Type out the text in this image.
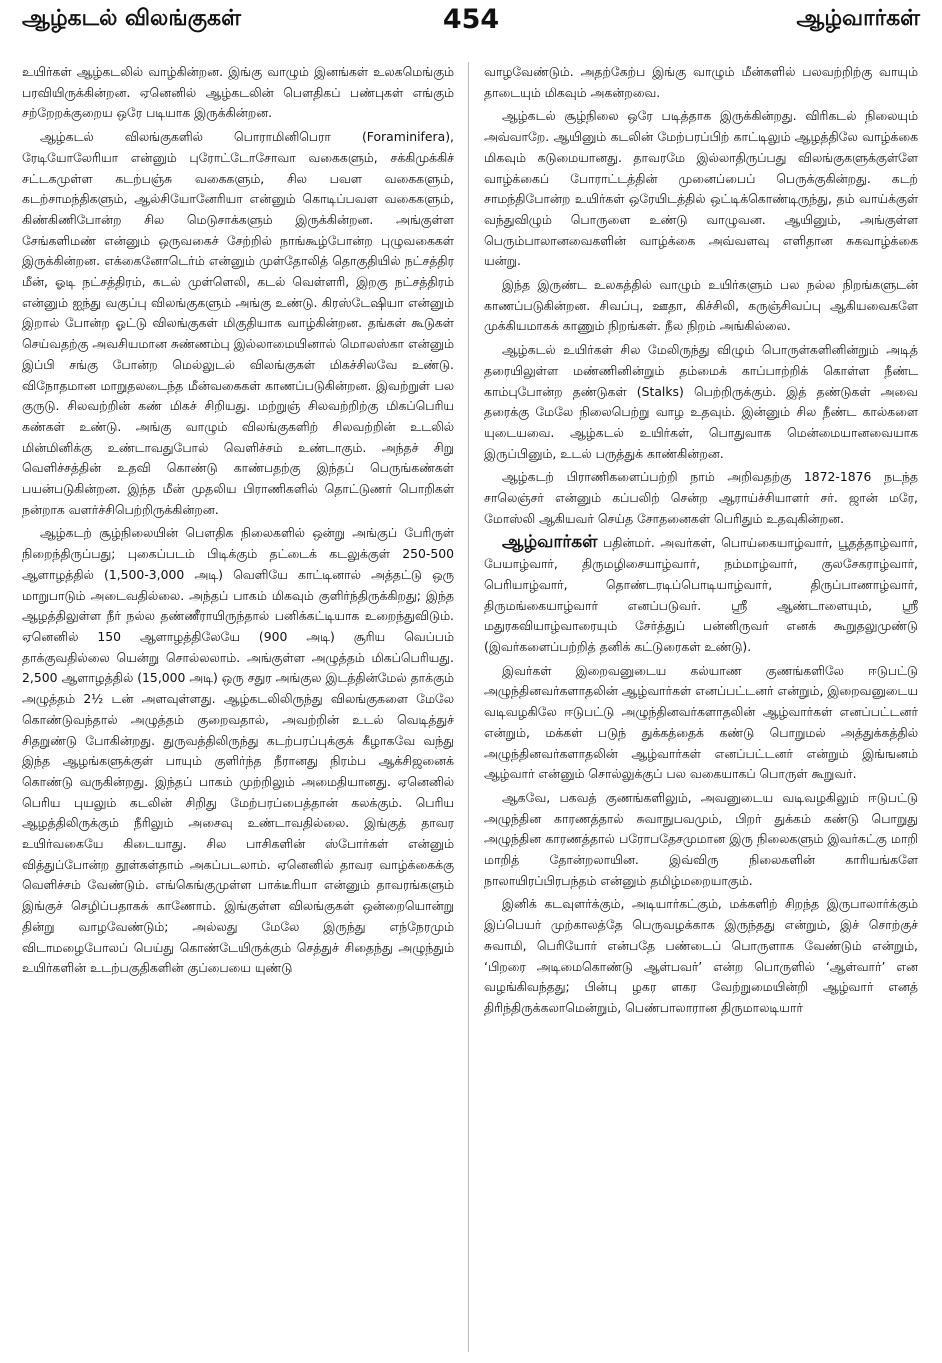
ஆழ்கடல் விலங்குகள்	454	ஆழ்வார்கள்

உயிர்கள் ஆழ்கடலில் வாழ்கின்றன. இங்கு வாழும் இனங்கள் உலகமெங்கும் பரவியிருக்கின்றன. ஏனெனில் ஆழ்கடலின் பௌதிகப் பண்புகள் எங்கும் சற்றேறக்குறைய ஒரே படியாக இருக்கின்றன.

ஆழ்கடல் விலங்குகளில் பொராமினிபெரா (Foraminifera), ரேடியோலேரியா என்னும் புரோட்டோசோவா வகைகளும், சக்கிமுக்கிச் சட்டகமுள்ள கடற்பஞ்சு வகைகளும், சில பவள வகைகளும், கடற்சாமந்திகளும், ஆல்சியோனேரியா என்னும் கொடிப்பவள வகைகளும், கிண்கிணிபோன்ற சில மெடுசாக்களும் இருக்கின்றன. அங்குள்ள சேங்களிமண் என்னும் ஒருவகைச் சேற்றில் நாங்கூழ்போன்ற புழுவகைகள் இருக்கின்றன. எக்கைனோடெர்ம் என்னும் முள்தோலித் தொகுதியில் நட்சத்திர மீன், ஓடி நட்சத்திரம், கடல் முள்ளெலி, கடல் வெள்ளரி, இறகு நட்சத்திரம் என்னும் ஐந்து வகுப்பு விலங்குகளும் அங்கு உண்டு. கிரஸ்டேஷியா என்னும் இறால் போன்ற ஓட்டு விலங்குகள் மிகுதியாக வாழ்கின்றன. தங்கள் கூடுகள் செய்வதற்கு அவசியமான சுண்ணம்பு இல்லாமையினால் மொலஸ்கா என்னும் இப்பி சங்கு போன்ற மெல்லுடல் விலங்குகள் மிகச்சிலவே உண்டு. விநோதமான மாறுதலடைந்த மீன்வகைகள் காணப்படுகின்றன. இவற்றுள் பல குருடு. சிலவற்றின் கண் மிகச் சிறியது. மற்றுஞ் சிலவற்றிற்கு மிகப்பெரிய கண்கள் உண்டு. அங்கு வாழும் விலங்குகளிற் சிலவற்றின் உடலில் மின்மினிக்கு உண்டாவதுபோல் வெளிச்சம் உண்டாகும். அந்தச் சிறு வெளிச்சத்தின் உதவி கொண்டு காண்பதற்கு இந்தப் பெருங்கண்கள் பயன்படுகின்றன. இந்த மீன் முதலிய பிராணிகளில் தொட்டுணர் பொறிகள் நன்றாக வளர்ச்சிபெற்றிருக்கின்றன.

ஆழ்கடற் சூழ்நிலையின் பௌதிக நிலைகளில் ஒன்று அங்குப் பேரிருள் நிறைந்திருப்பது; புகைப்படம் பிடிக்கும் தட்டைக் கடலுக்குள் 250-500 ஆளாழத்தில் (1,500-3,000 அடி) வெளியே காட்டினால் அத்தட்டு ஒரு மாறுபாடும் அடைவதில்லை. அந்தப் பாகம் மிகவும் குளிர்ந்திருக்கிறது; இந்த ஆழத்திலுள்ள நீர் நல்ல தண்ணீராயிருந்தால் பனிக்கட்டியாக உறைந்துவிடும். ஏனெனில் 150 ஆளாழத்திலேயே (900 அடி) சூரிய வெப்பம் தாக்குவதில்லை யென்று சொல்லலாம். அங்குள்ள அழுத்தம் மிகப்பெரியது. 2,500 ஆளாழத்தில் (15,000 அடி) ஒரு சதுர அங்குல இடத்தின்மேல் தாக்கும் அழுத்தம் 2½ டன் அளவுள்ளது. ஆழ்கடலிலிருந்து விலங்குகளை மேலே கொண்டுவந்தால் அழுத்தம் குறைவதால், அவற்றின் உடல் வெடித்துச் சிதறுண்டு போகின்றது. துருவத்திலிருந்து கடற்பரப்புக்குக் கீழாகவே வந்து இந்த ஆழங்களுக்குள் பாயும் குளிர்ந்த நீரானது நிரம்ப ஆக்சிஜனைக் கொண்டு வருகின்றது. இந்தப் பாகம் முற்றிலும் அமைதியானது. ஏனெனில் பெரிய புயலும் கடலின் சிறிது மேற்பரப்பைத்தான் கலக்கும். பெரிய ஆழத்திலிருக்கும் நீரிலும் அசைவு உண்டாவதில்லை. இங்குத் தாவர உயிர்வகையே கிடையாது. சில பாசிகளின் ஸ்போர்கள் என்னும் வித்துப்போன்ற தூள்கள்தாம் அகப்படலாம். ஏனெனில் தாவர வாழ்க்கைக்கு வெளிச்சம் வேண்டும். எங்கெங்குமுள்ள பாக்டீரியா என்னும் தாவரங்களும் இங்குச் செழிப்பதாகக் காணோம். இங்குள்ள விலங்குகள் ஒன்றையொன்று தின்று வாழவேண்டும்; அல்லது மேலே இருந்து எந்நேரமும் விடாமழைபோலப் பெய்து கொண்டேயிருக்கும் செத்துச் சிதைந்து அழுந்தும் உயிர்களின் உடற்பகுதிகளின் குப்பையை யுண்டு

வாழவேண்டும். அதற்கேற்ப இங்கு வாழும் மீன்களில் பலவற்றிற்கு வாயும் தாடையும் மிகவும் அகன்றவை.

ஆழ்கடல் சூழ்நிலை ஒரே படித்தாக இருக்கின்றது. விரிகடல் நிலையும் அவ்வாறே. ஆயினும் கடலின் மேற்பரப்பிற் காட்டிலும் ஆழத்திலே வாழ்க்கை மிகவும் கடுமையானது. தாவரமே இல்லாதிருப்பது விலங்குகளுக்குள்ளே வாழ்க்கைப் போராட்டத்தின் முனைப்பைப் பெருக்குகின்றது. கடற் சாமந்திபோன்ற உயிர்கள் ஒரேயிடத்தில் ஒட்டிக்கொண்டிருந்து, தம் வாய்க்குள் வந்துவிழும் பொருளை உண்டு வாழுவன. ஆயினும், அங்குள்ள பெரும்பாலானவைகளின் வாழ்க்கை அவ்வளவு எளிதான சுகவாழ்க்கை யன்று.

இந்த இருண்ட உலகத்தில் வாழும் உயிர்களும் பல நல்ல நிறங்களுடன் காணப்படுகின்றன. சிவப்பு, ஊதா, கிச்சிலி, கருஞ்சிவப்பு ஆகியவைகளே முக்கியமாகக் காணும் நிறங்கள். நீல நிறம் அங்கில்லை.

ஆழ்கடல் உயிர்கள் சில மேலிருந்து விழும் பொருள்களினின்றும் அடித் தரையிலுள்ள மண்ணினின்றும் தம்மைக் காப்பாற்றிக் கொள்ள நீண்ட காம்புபோன்ற தண்டுகள் (Stalks) பெற்றிருக்கும். இத் தண்டுகள் அவை தரைக்கு மேலே நிலைபெற்று வாழ உதவும். இன்னும் சில நீண்ட கால்களை யுடையவை. ஆழ்கடல் உயிர்கள், பொதுவாக மென்மையானவையாக இருப்பினும், உடல் பருத்துக் காண்கின்றன.

ஆழ்கடற் பிராணிகளைப்பற்றி நாம் அறிவதற்கு 1872-1876 நடந்த சாலெஞ்சர் என்னும் கப்பலிற் சென்ற ஆராய்ச்சியாளர் சர். ஜான் மரே, மோஸ்லி ஆகியவர் செய்த சோதனைகள் பெரிதும் உதவுகின்றன.

ஆழ்வார்கள் பதின்மர். அவர்கள், பொய்கையாழ்வார், பூதத்தாழ்வார், பேயாழ்வார், திருமழிசையாழ்வார், நம்மாழ்வார், குலசேகராழ்வார், பெரியாழ்வார், தொண்டரடிப்பொடியாழ்வார், திருப்பாணாழ்வார், திருமங்கையாழ்வார் எனப்படுவர். ஸ்ரீ ஆண்டாளையும், ஸ்ரீ மதுரகவியாழ்வாரையும் சேர்த்துப் பன்னிருவர் எனக் கூறுதலுமுண்டு (இவர்களைப்பற்றித் தனிக் கட்டுரைகள் உண்டு).

இவர்கள் இறைவனுடைய கல்யாண குணங்களிலே ஈடுபட்டு அழுந்தினவர்களாதலின் ஆழ்வார்கள் எனப்பட்டனர் என்றும், இறைவனுடைய வடிவழகிலே ஈடுபட்டு அழுந்தினவர்களாதலின் ஆழ்வார்கள் எனப்பட்டனர் என்றும், மக்கள் படுந் துக்கத்தைக் கண்டு பொறுமல் அத்துக்கத்தில் அழுந்தினவர்களாதலின் ஆழ்வார்கள் எனப்பட்டனர் என்றும் இங்ஙனம் ஆழ்வார் என்னும் சொல்லுக்குப் பல வகையாகப் பொருள் கூறுவர்.

ஆகவே, பகவத் குணங்களிலும், அவனுடைய வடிவழகிலும் ஈடுபட்டு அழுந்தின காரணத்தால் சுவாநுபவமும், பிறர் துக்கம் கண்டு பொறுது அழுந்தின காரணத்தால் பரோபதேசமுமான இரு நிலைகளும் இவர்கட்கு மாறி மாறித் தோன்றலாயின. இவ்விரு நிலைகளின் காரியங்களே நாலாயிரப்பிரபந்தம் என்னும் தமிழ்மறையாகும்.

இனிக் கடவுளர்க்கும், அடியார்கட்கும், மக்களிற் சிறந்த இருபாலார்க்கும் இப்பெயர் முற்காலத்தே பெருவழக்காக இருந்தது என்றும், இச் சொற்குச் சுவாமி, பெரியோர் என்பதே பண்டைப் பொருளாக வேண்டும் என்றும், ‘பிறரை அடிமைகொண்டு ஆள்பவர்’ என்ற பொருளில் ‘ஆள்வார்’ என வழங்கிவந்தது; பின்பு ழகர ளகர வேற்றுமையின்றி ஆழ்வார் எனத் திரிந்திருக்கலாமென்றும், பெண்பாலாரான திருமாலடியார்
